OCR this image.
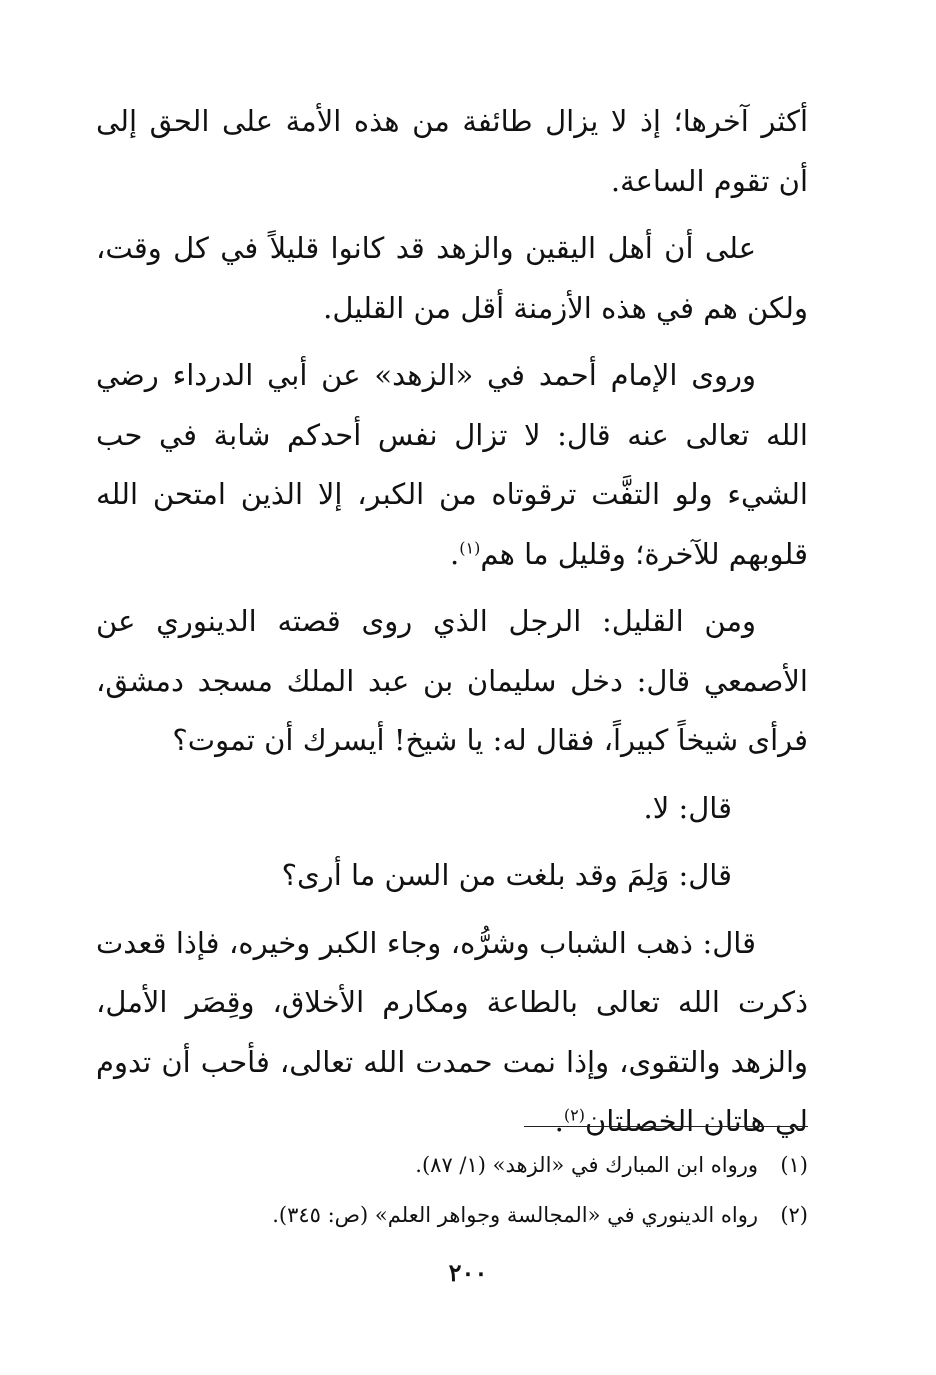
أكثر آخرها؛ إذ لا يزال طائفة من هذه الأمة على الحق إلى أن تقوم الساعة.

على أن أهل اليقين والزهد قد كانوا قليلاً في كل وقت، ولكن هم في هذه الأزمنة أقل من القليل.

وروى الإمام أحمد في «الزهد» عن أبي الدرداء رضي الله تعالى عنه قال: لا تزال نفس أحدكم شابة في حب الشيء ولو التفَّت ترقوتاه من الكبر، إلا الذين امتحن الله قلوبهم للآخرة؛ وقليل ما هم$^{(١)}$.

ومن القليل: الرجل الذي روى قصته الدينوري عن الأصمعي قال: دخل سليمان بن عبد الملك مسجد دمشق، فرأى شيخاً كبيراً، فقال له: يا شيخ! أيسرك أن تموت؟

قال: لا.

قال: وَلِمَ وقد بلغت من السن ما أرى؟

قال: ذهب الشباب وشرُّه، وجاء الكبر وخيره، فإذا قعدت ذكرت الله تعالى بالطاعة ومكارم الأخلاق، وقِصَر الأمل، والزهد والتقوى، وإذا نمت حمدت الله تعالى، فأحب أن تدوم لي هاتان الخصلتان$^{(٢)}$.

(١)ورواه ابن المبارك في «الزهد» (١/ ٨٧).

(٢)رواه الدينوري في «المجالسة وجواهر العلم» (ص: ٣٤٥).

٢٠٠
